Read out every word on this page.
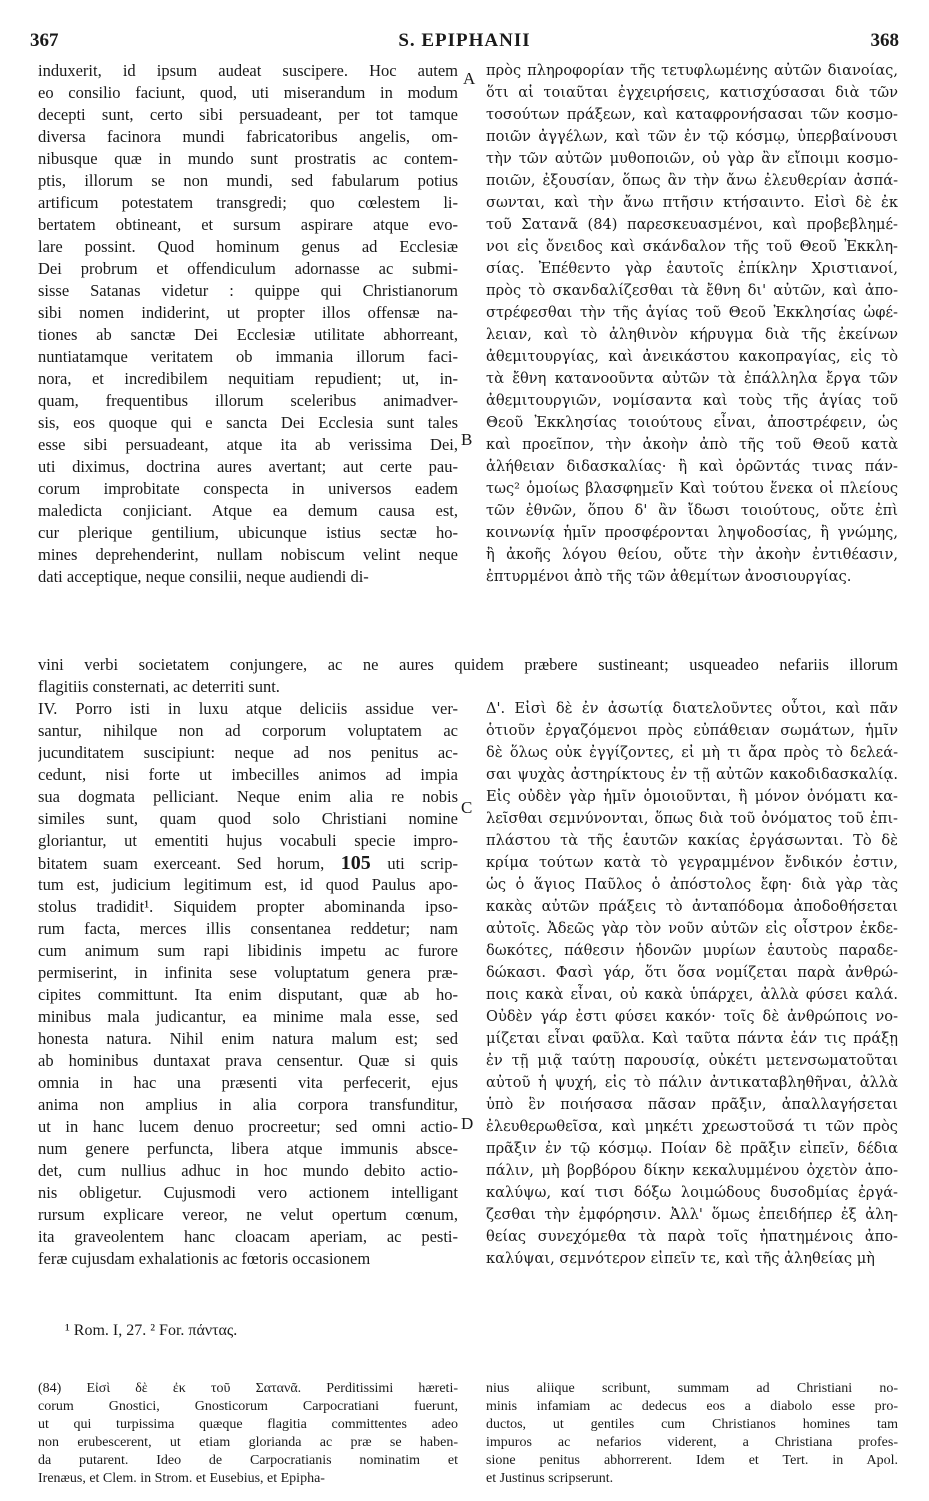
367	S. EPIPHANII	368
A
B
C
D
induxerit, id ipsum audeat suscipere. Hoc autem
eo consilio faciunt, quod, uti miserandum in modum
decepti sunt, certo sibi persuadeant, per tot tamque
diversa facinora mundi fabricatoribus angelis, om-
nibusque quæ in mundo sunt prostratis ac contem-
ptis, illorum se non mundi, sed fabularum potius
artificum potestatem transgredi; quo cœlestem li-
bertatem obtineant, et sursum aspirare atque evo-
lare possint. Quod hominum genus ad Ecclesiæ
Dei probrum et offendiculum adornasse ac submi-
sisse Satanas videtur : quippe qui Christianorum
sibi nomen indiderint, ut propter illos offensæ na-
tiones ab sanctæ Dei Ecclesiæ utilitate abhorreant,
nuntiatamque veritatem ob immania illorum faci-
nora, et incredibilem nequitiam repudient; ut, in-
quam, frequentibus illorum sceleribus animadver-
sis, eos quoque qui e sancta Dei Ecclesia sunt tales
esse sibi persuadeant, atque ita ab verissima Dei,
uti diximus, doctrina aures avertant; aut certe pau-
corum improbitate conspecta in universos eadem
maledicta conjiciant. Atque ea demum causa est,
cur plerique gentilium, ubicunque istius sectæ ho-
mines deprehenderint, nullam nobiscum velint neque
dati acceptique, neque consilii, neque audiendi di-
πρὸς πληροφορίαν τῆς τετυφλωμένης αὐτῶν διανοίας,
ὅτι αἱ τοιαῦται ἐγχειρήσεις, κατισχύσασαι διὰ τῶν
τοσούτων πράξεων, καὶ καταφρονήσασαι τῶν κοσμο-
ποιῶν ἀγγέλων, καὶ τῶν ἐν τῷ κόσμῳ, ὑπερβαίνουσι
τὴν τῶν αὐτῶν μυθοποιῶν, οὐ γὰρ ἂν εἴποιμι κοσμο-
ποιῶν, ἐξουσίαν, ὅπως ἂν τὴν ἄνω ἐλευθερίαν ἀσπά-
σωνται, καὶ τὴν ἄνω πτῆσιν κτήσαιντο. Εἰσὶ δὲ ἐκ
τοῦ Σατανᾶ (84) παρεσκευασμένοι, καὶ προβεβλημέ-
νοι εἰς ὄνειδος καὶ σκάνδαλον τῆς τοῦ Θεοῦ Ἐκκλη-
σίας. Ἐπέθεντο γὰρ ἑαυτοῖς ἐπίκλην Χριστιανοί,
πρὸς τὸ σκανδαλίζεσθαι τὰ ἔθνη δι' αὐτῶν, καὶ ἀπο-
στρέφεσθαι τὴν τῆς ἁγίας τοῦ Θεοῦ Ἐκκλησίας ὠφέ-
λειαν, καὶ τὸ ἀληθινὸν κήρυγμα διὰ τῆς ἐκείνων
ἀθεμιτουργίας, καὶ ἀνεικάστου κακοπραγίας, εἰς τὸ
τὰ ἔθνη κατανοοῦντα αὐτῶν τὰ ἐπάλληλα ἔργα τῶν
ἀθεμιτουργιῶν, νομίσαντα καὶ τοὺς τῆς ἁγίας τοῦ
Θεοῦ Ἐκκλησίας τοιούτους εἶναι, ἀποστρέφειν, ὡς
καὶ προεῖπον, τὴν ἀκοὴν ἀπὸ τῆς τοῦ Θεοῦ κατὰ
ἀλήθειαν διδασκαλίας· ἢ καὶ ὁρῶντάς τινας πάν-
τως² ὁμοίως βλασφημεῖν Καὶ τούτου ἕνεκα οἱ πλείους
τῶν ἐθνῶν, ὅπου δ' ἂν ἴδωσι τοιούτους, οὔτε ἐπὶ
κοινωνίᾳ ἡμῖν προσφέρονται ληψοδοσίας, ἢ γνώμης,
ἢ ἀκοῆς λόγου θείου, οὔτε τὴν ἀκοὴν ἐντιθέασιν,
ἐπτυρμένοι ἀπὸ τῆς τῶν ἀθεμίτων ἀνοσιουργίας.
vini verbi societatem conjungere, ac ne aures quidem præbere sustineant; usqueadeo nefariis illorum
flagitiis consternati, ac deterriti sunt.
IV. Porro isti in luxu atque deliciis assidue ver-
santur, nihilque non ad corporum voluptatem ac
jucunditatem suscipiunt: neque ad nos penitus ac-
cedunt, nisi forte ut imbecilles animos ad impia
sua dogmata pelliciant. Neque enim alia re nobis
similes sunt, quam quod solo Christiani nomine
gloriantur, ut ementiti hujus vocabuli specie impro-
bitatem suam exerceant. Sed horum, 105 uti scrip-
tum est, judicium legitimum est, id quod Paulus apo-
stolus tradidit¹. Siquidem propter abominanda ipso-
rum facta, merces illis consentanea reddetur; nam
cum animum sum rapi libidinis impetu ac furore
permiserint, in infinita sese voluptatum genera præ-
cipites committunt. Ita enim disputant, quæ ab ho-
minibus mala judicantur, ea minime mala esse, sed
honesta natura. Nihil enim natura malum est; sed
ab hominibus duntaxat prava censentur. Quæ si quis
omnia in hac una præsenti vita perfecerit, ejus
anima non amplius in alia corpora transfunditur,
ut in hanc lucem denuo procreetur; sed omni actio-
num genere perfuncta, libera atque immunis abscе-
det, cum nullius adhuc in hoc mundo debito actio-
nis obligetur. Cujusmodi vero actionem intelligant
rursum explicare vereor, ne velut opertum cœnum,
ita graveolentem hanc cloacam aperiam, ac pesti-
feræ cujusdam exhalationis ac fœtoris occasionem
Δ'. Εἰσὶ δὲ ἐν ἀσωτίᾳ διατελοῦντες οὗτοι, καὶ πᾶν
ὁτιοῦν ἐργαζόμενοι πρὸς εὐπάθειαν σωμάτων, ἡμῖν
δὲ ὅλως οὐκ ἐγγίζοντες, εἰ μὴ τι ἄρα πρὸς τὸ δελεά-
σαι ψυχὰς ἀστηρίκτους ἐν τῇ αὐτῶν κακοδιδασκαλίᾳ.
Εἰς οὐδὲν γὰρ ἡμῖν ὁμοιοῦνται, ἢ μόνον ὀνόματι κα-
λεῖσθαι σεμνύνονται, ὅπως διὰ τοῦ ὀνόματος τοῦ ἐπι-
πλάστου τὰ τῆς ἑαυτῶν κακίας ἐργάσωνται. Τὸ δὲ
κρίμα τούτων κατὰ τὸ γεγραμμένον ἔνδικόν ἐστιν,
ὡς ὁ ἅγιος Παῦλος ὁ ἀπόστολος ἔφη· διὰ γὰρ τὰς
κακὰς αὐτῶν πράξεις τὸ ἀνταπόδομα ἀποδοθήσεται
αὐτοῖς. Ἀδεῶς γὰρ τὸν νοῦν αὐτῶν εἰς οἶστρον ἐκδε-
δωκότες, πάθεσιν ἡδονῶν μυρίων ἑαυτοὺς παραδε-
δώκασι. Φασὶ γάρ, ὅτι ὅσα νομίζεται παρὰ ἀνθρώ-
ποις κακὰ εἶναι, οὐ κακὰ ὑπάρχει, ἀλλὰ φύσει καλά.
Οὐδὲν γάρ ἐστι φύσει κακόν· τοῖς δὲ ἀνθρώποις νο-
μίζεται εἶναι φαῦλα. Καὶ ταῦτα πάντα ἐάν τις πράξῃ
ἐν τῇ μιᾷ ταύτῃ παρουσίᾳ, οὐκέτι μετενσωματοῦται
αὐτοῦ ἡ ψυχή, εἰς τὸ πάλιν ἀντικαταβληθῆναι, ἀλλὰ
ὑπὸ ἓν ποιήσασα πᾶσαν πρᾶξιν, ἀπαλλαγήσεται
ἐλευθερωθεῖσα, καὶ μηκέτι χρεωστοῦσά τι τῶν πρὸς
πρᾶξιν ἐν τῷ κόσμῳ. Ποίαν δὲ πρᾶξιν εἰπεῖν, δέδια
πάλιν, μὴ βορβόρου δίκην κεκαλυμμένου ὀχετὸν ἀπο-
καλύψω, καί τισι δόξω λοιμώδους δυσοδμίας ἐργά-
ζεσθαι τὴν ἐμφόρησιν. Ἀλλ' ὅμως ἐπειδήπερ ἐξ ἀλη-
θείας συνεχόμεθα τὰ παρὰ τοῖς ἠπατημένοις ἀπο-
καλύψαι, σεμνότερον εἰπεῖν τε, καὶ τῆς ἀληθείας μὴ
¹ Rom. I, 27. ² For. πάντας.
(84) Εἰσὶ δὲ ἐκ τοῦ Σατανᾶ. Perditissimi hæreti-
corum Gnostici, Gnosticorum Carpocratiani fuerunt,
ut qui turpissima quæque flagitia committentes adeo
non erubescerent, ut etiam glorianda ac præ se haben-
da putarent. Ideo de Carpocratianis nominatim et
Irenæus, et Clem. in Strom. et Eusebius, et Epipha-
nius aliique scribunt, summam ad Christiani no-
minis infamiam ac dedecus eos a diabolo esse pro-
ductos, ut gentiles cum Christianos homines tam
impuros ac nefarios viderent, a Christiana profes-
sione penitus abhorrerent. Idem et Tert. in Apol.
et Justinus scripserunt.
